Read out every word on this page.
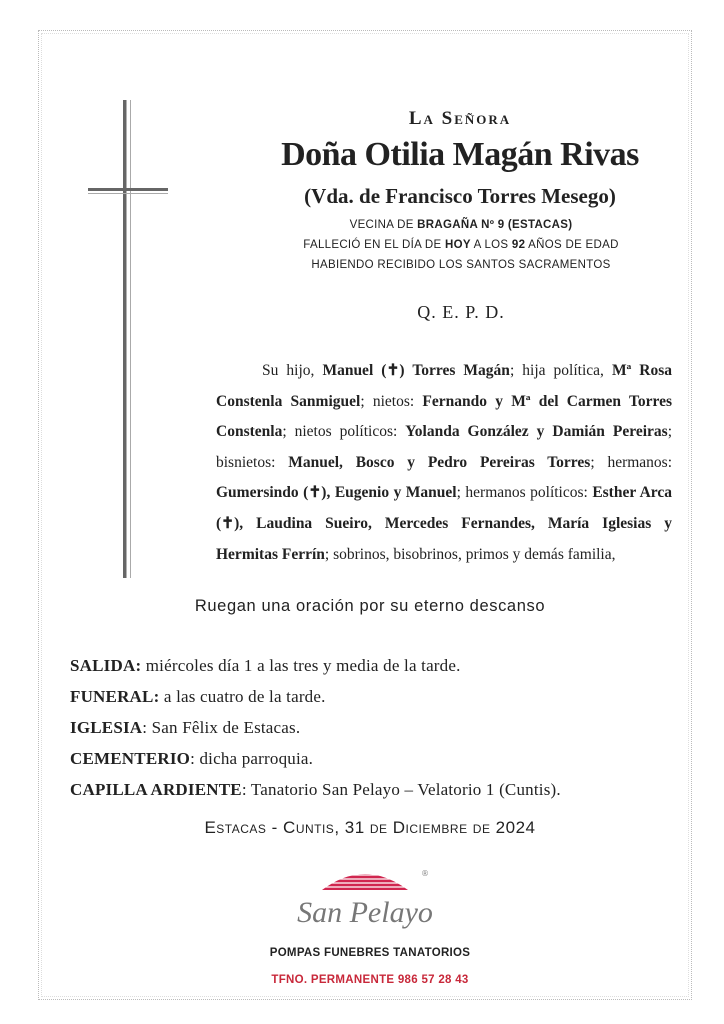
La Señora
Doña Otilia Magán Rivas
(Vda. de Francisco Torres Mesego)
VECINA DE BRAGAÑA Nº 9 (ESTACAS)
FALLECIÓ EN EL DÍA DE HOY A LOS 92 AÑOS DE EDAD
HABIENDO RECIBIDO LOS SANTOS SACRAMENTOS
Q. E. P. D.
Su hijo, Manuel (✝) Torres Magán; hija política, Mª Rosa Constenla Sanmiguel; nietos: Fernando y Mª del Carmen Torres Constenla; nietos políticos: Yolanda González y Damián Pereiras; bisnietos: Manuel, Bosco y Pedro Pereiras Torres; hermanos: Gumersindo (✝), Eugenio y Manuel; hermanos políticos: Esther Arca (✝), Laudina Sueiro, Mercedes Fernandes, María Iglesias y Hermitas Ferrín; sobrinos, bisobrinos, primos y demás familia,
Ruegan una oración por su eterno descanso
SALIDA: miércoles día 1 a las tres y media de la tarde.
FUNERAL: a las cuatro de la tarde.
IGLESIA: San Fêlix de Estacas.
CEMENTERIO: dicha parroquia.
CAPILLA ARDIENTE: Tanatorio San Pelayo – Velatorio 1 (Cuntis).
Estacas - Cuntis, 31 de Diciembre de 2024
San Pelayo
®
POMPAS FUNEBRES TANATORIOS
TFNO. PERMANENTE 986 57 28 43
